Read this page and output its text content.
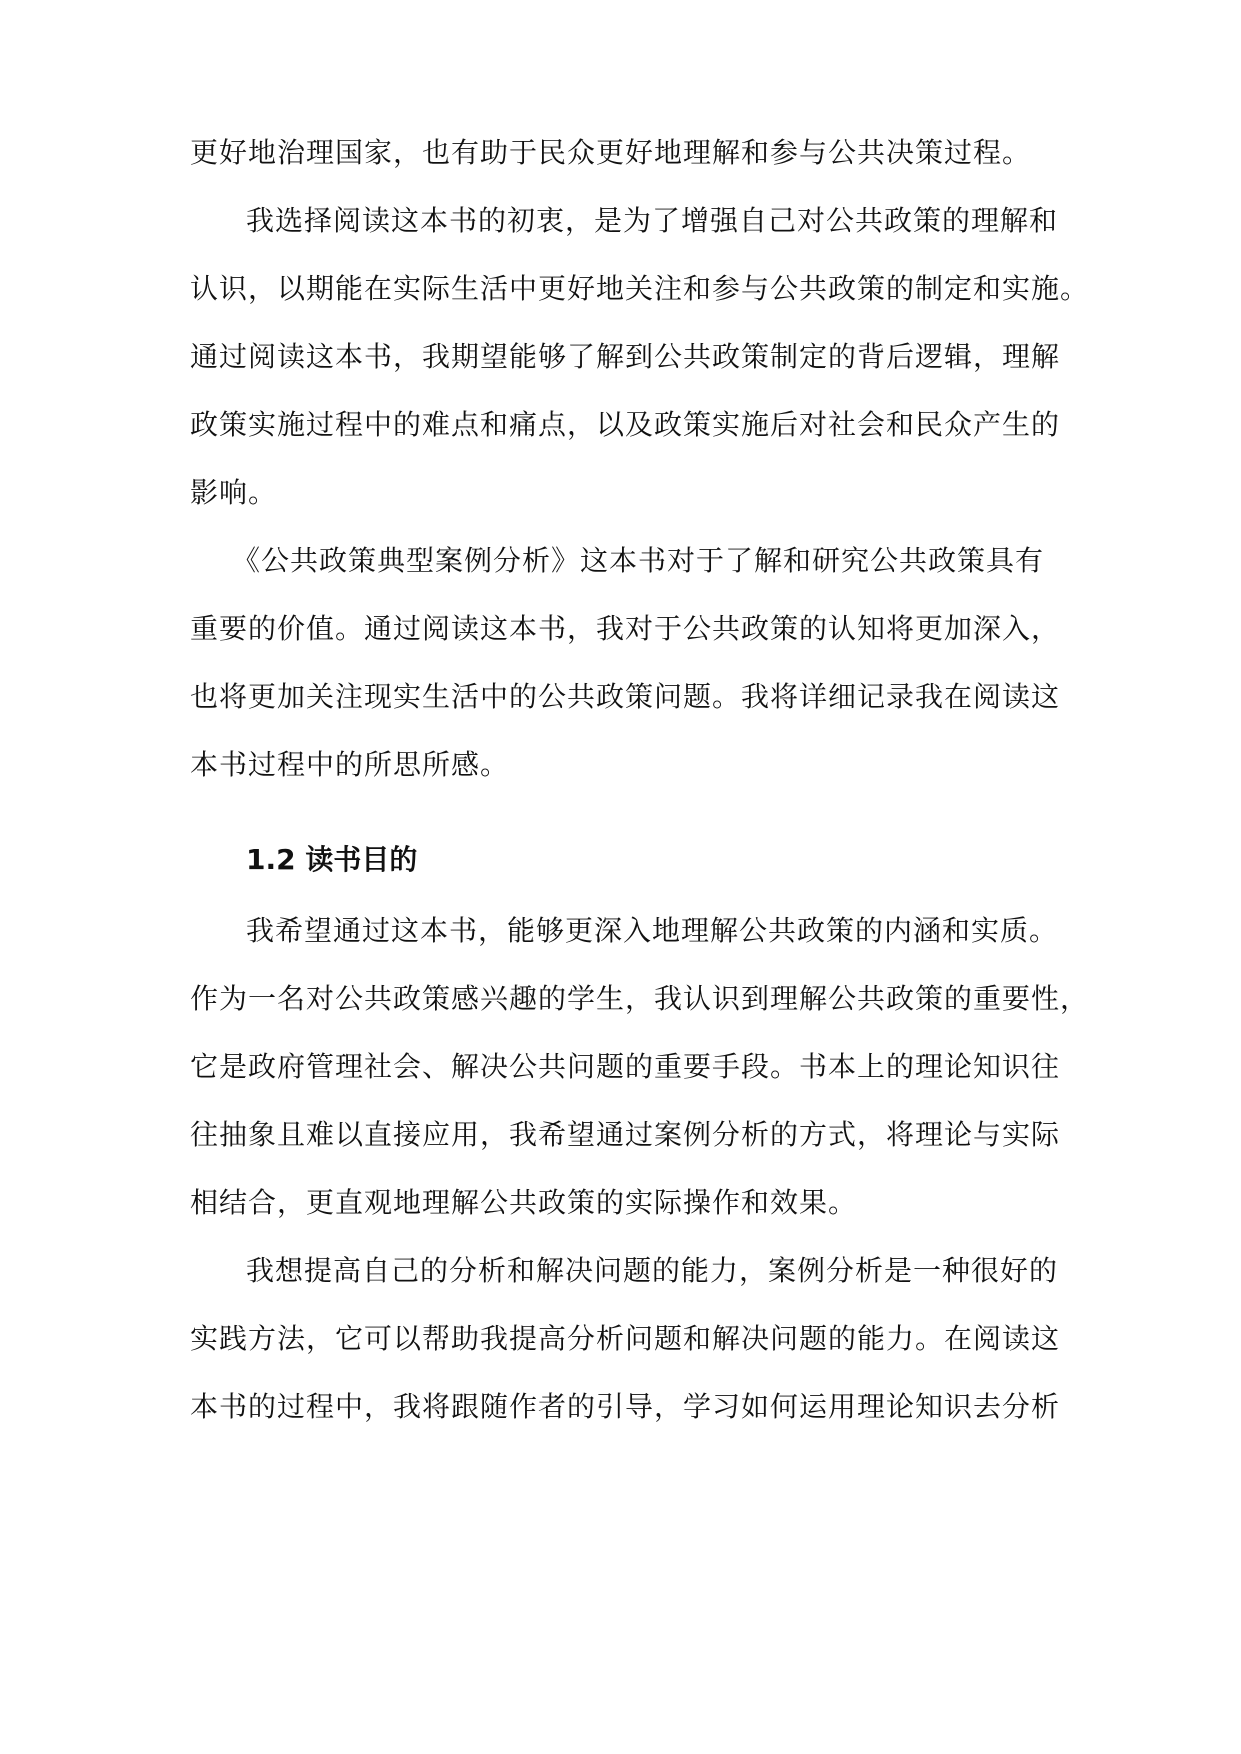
更好地治理国家，也有助于民众更好地理解和参与公共决策过程。
我选择阅读这本书的初衷，是为了增强自己对公共政策的理解和
认识，以期能在实际生活中更好地关注和参与公共政策的制定和实施。
通过阅读这本书，我期望能够了解到公共政策制定的背后逻辑，理解
政策实施过程中的难点和痛点，以及政策实施后对社会和民众产生的
影响。
《公共政策典型案例分析》这本书对于了解和研究公共政策具有
重要的价值。通过阅读这本书，我对于公共政策的认知将更加深入，
也将更加关注现实生活中的公共政策问题。我将详细记录我在阅读这
本书过程中的所思所感。
1.2 读书目的
我希望通过这本书，能够更深入地理解公共政策的内涵和实质。
作为一名对公共政策感兴趣的学生，我认识到理解公共政策的重要性，
它是政府管理社会、解决公共问题的重要手段。书本上的理论知识往
往抽象且难以直接应用，我希望通过案例分析的方式，将理论与实际
相结合，更直观地理解公共政策的实际操作和效果。
我想提高自己的分析和解决问题的能力，案例分析是一种很好的
实践方法，它可以帮助我提高分析问题和解决问题的能力。在阅读这
本书的过程中，我将跟随作者的引导，学习如何运用理论知识去分析
